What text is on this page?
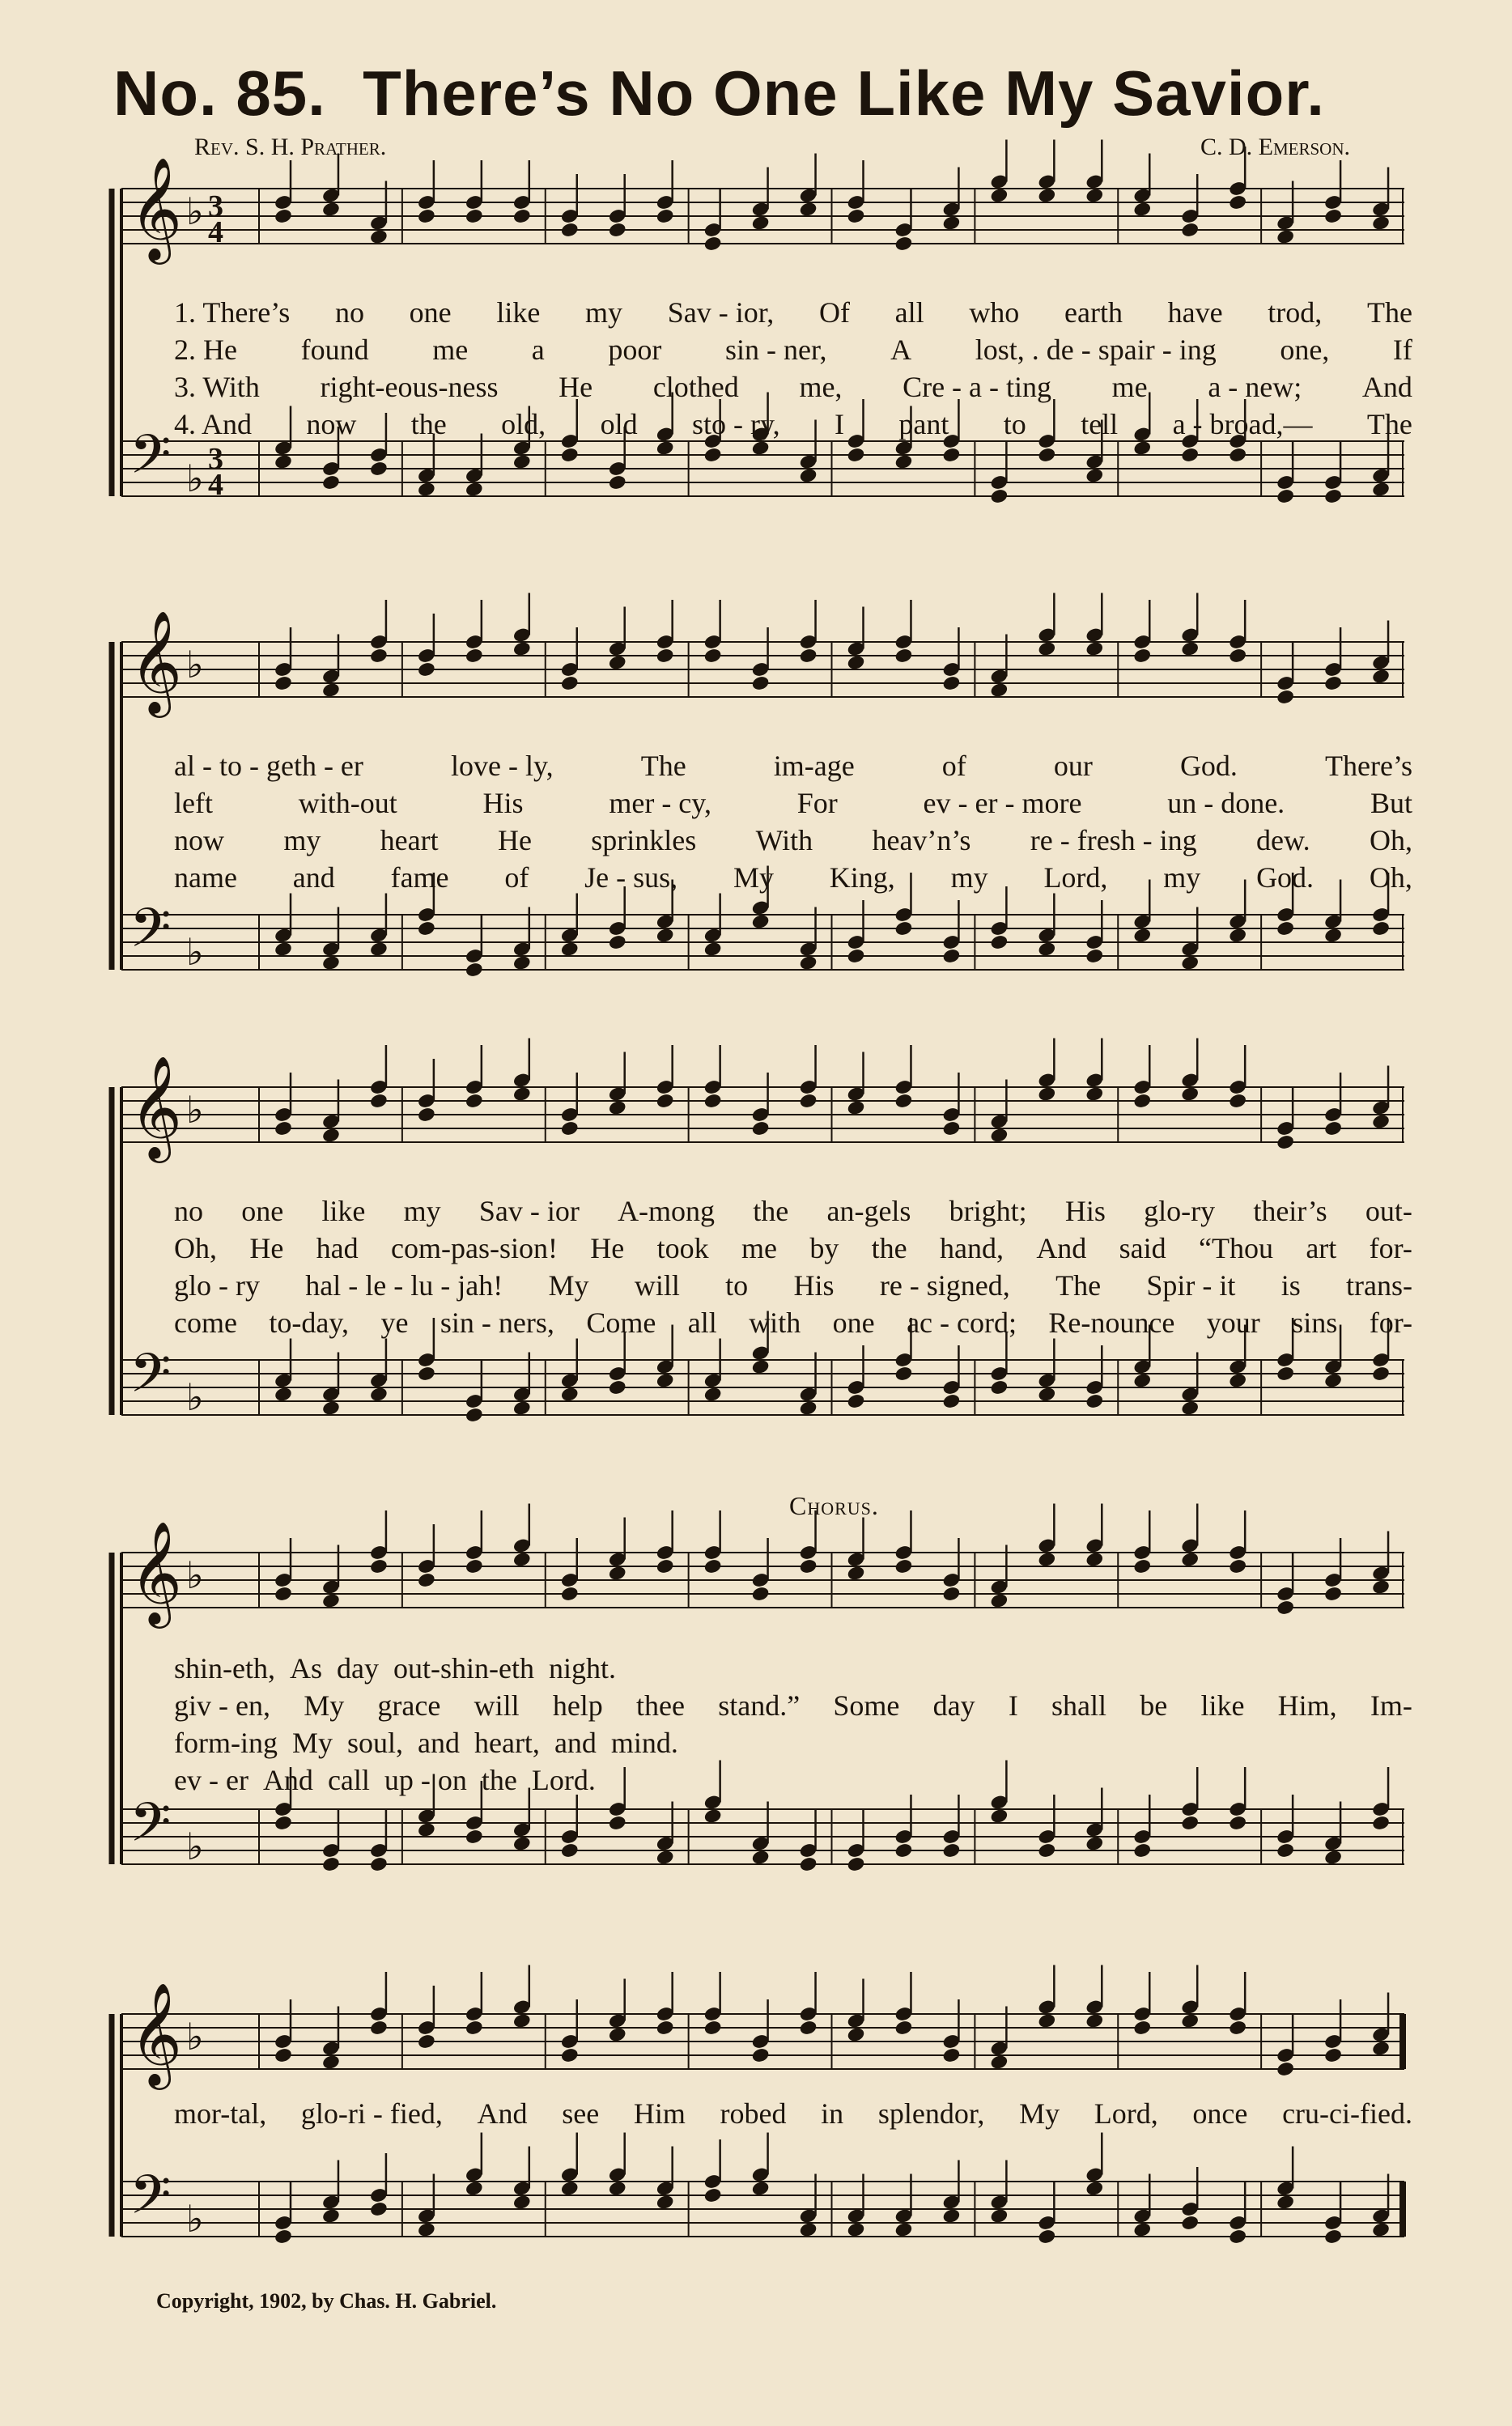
No. 85. There’s No One Like My Savior.
Rev. S. H. Prather.	C. D. Emerson.
𝄞 ♭ 3
4
𝄢 ♭ 3
4
1. There’s no one like my Sav - ior, Of all who earth have trod, The
2. He found me a poor sin - ner, A lost, . de - spair - ing one, If
3. With right-eous-ness He clothed me, Cre - a - ting me a - new; And
4. And now the old, old sto - ry, I pant to tell a - broad,— The
𝄞 ♭
𝄢 ♭
al - to - geth - er	love - ly,	The	im-age	of	our	God.	There’s
left	with-out	His	mer - cy,	For	ev - er - more	un - done.	But
now my heart He sprinkles With heav’n’s re - fresh - ing dew. Oh,
name and fame of Je - sus, My King, my Lord, my God. Oh,
𝄞 ♭
𝄢 ♭
no one like my Sav - ior A-mong the an-gels bright; His glo-ry their’s out-
Oh, He had com-pas-sion! He took me by the hand, And said “Thou art for-
glo - ry hal - le - lu - jah! My will to His re - signed, The Spir - it is trans-
come to-day, ye sin - ners, Come all with one ac - cord; Re-nounce your sins for-
Chorus.
𝄞 ♭
𝄢 ♭
shin-eth, As day out-shin-eth night.
giv - en, My grace will help thee stand.” Some day I shall be like Him, Im-
form-ing My soul, and heart, and mind.
ev - er And call up - on the Lord.
𝄞 ♭
𝄢 ♭
mor-tal, glo-ri - fied, And see Him robed in splendor, My Lord, once cru-ci-fied.
Copyright, 1902, by Chas. H. Gabriel.
